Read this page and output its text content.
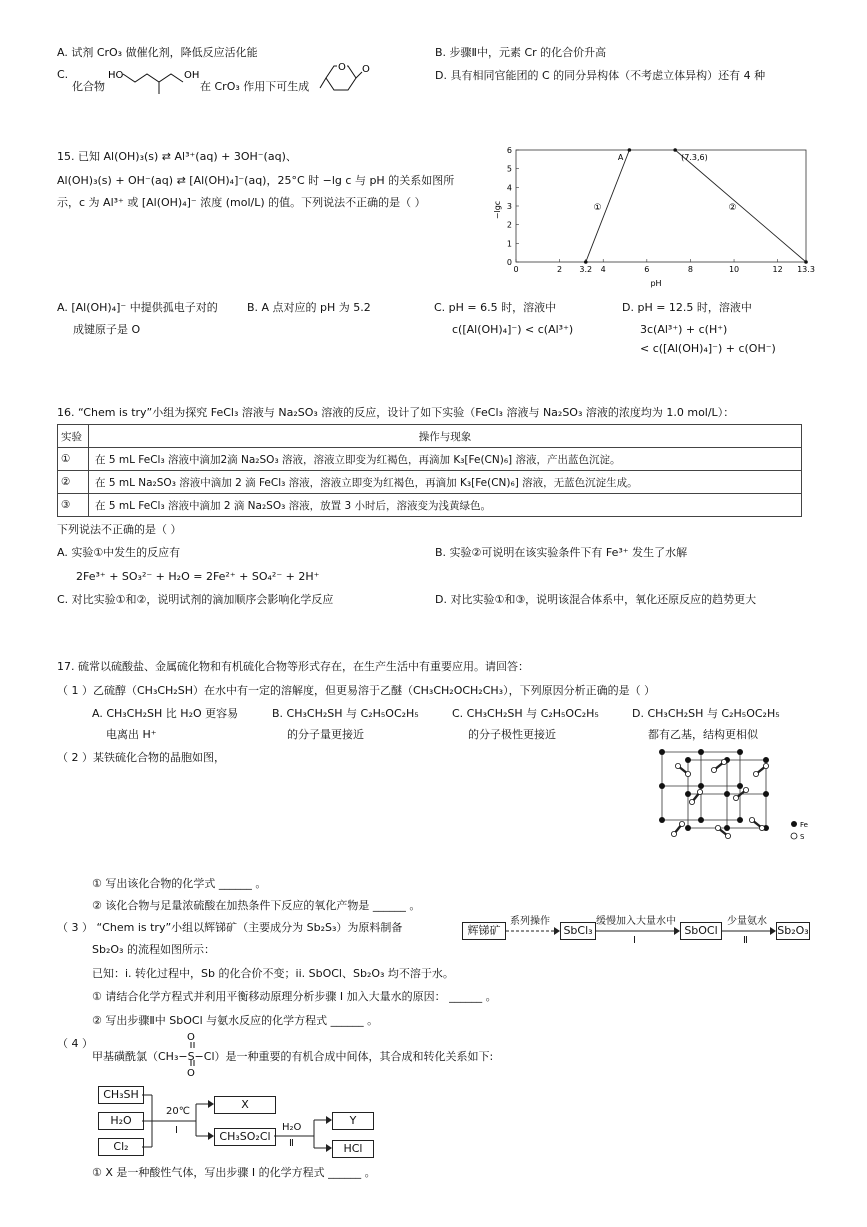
A. 试剂 CrO₃ 做催化剂，降低反应活化能	B. 步骤Ⅱ中，元素 Cr 的化合价升高
C.
化合物
HO	OH
在 CrO₃ 作用下可生成
O O	D. 具有相同官能团的 C 的同分异构体（不考虑立体异构）还有 4 种
15. 已知 Al(OH)₃(s) ⇄ Al³⁺(aq) + 3OH⁻(aq)、
Al(OH)₃(s) + OH⁻(aq) ⇄ [Al(OH)₄]⁻(aq)，25°C 时 −lg c 与 pH 的关系如图所
示，c 为 Al³⁺ 或 [Al(OH)₄]⁻ 浓度 (mol/L) 的值。下列说法不正确的是（ ）
0	2 3.2 4	6	8	10	12 13.3
0
1
2
3
4
5
6
①	②
A	(7.3,6)
−lgc
pH
A. [Al(OH)₄]⁻ 中提供孤电子对的
成键原子是 O
B. A 点对应的 pH 为 5.2	C. pH = 6.5 时，溶液中
c([Al(OH)₄]⁻) < c(Al³⁺)
D. pH = 12.5 时，溶液中
3c(Al³⁺) + c(H⁺)
< c([Al(OH)₄]⁻) + c(OH⁻)
16. “Chem is try”小组为探究 FeCl₃ 溶液与 Na₂SO₃ 溶液的反应，设计了如下实验（FeCl₃ 溶液与 Na₂SO₃ 溶液的浓度均为 1.0 mol/L）：
实验	操作与现象
①	在 5 mL FeCl₃ 溶液中滴加2滴 Na₂SO₃ 溶液，溶液立即变为红褐色，再滴加 K₃[Fe(CN)₆] 溶液，产出蓝色沉淀。
②	在 5 mL Na₂SO₃ 溶液中滴加 2 滴 FeCl₃ 溶液，溶液立即变为红褐色，再滴加 K₃[Fe(CN)₆] 溶液，无蓝色沉淀生成。
③	在 5 mL FeCl₃ 溶液中滴加 2 滴 Na₂SO₃ 溶液，放置 3 小时后，溶液变为浅黄绿色。
下列说法不正确的是（ ）
A. 实验①中发生的反应有
2Fe³⁺ + SO₃²⁻ + H₂O = 2Fe²⁺ + SO₄²⁻ + 2H⁺
B. 实验②可说明在该实验条件下有 Fe³⁺ 发生了水解
C. 对比实验①和②，说明试剂的滴加顺序会影响化学反应	D. 对比实验①和③，说明该混合体系中，氧化还原反应的趋势更大
17. 硫常以硫酸盐、金属硫化物和有机硫化合物等形式存在，在生产生活中有重要应用。请回答：
（ 1 ）乙硫醇（CH₃CH₂SH）在水中有一定的溶解度，但更易溶于乙醚（CH₃CH₂OCH₂CH₃），下列原因分析正确的是（ ）
A. CH₃CH₂SH 比 H₂O 更容易
电离出 H⁺
B. CH₃CH₂SH 与 C₂H₅OC₂H₅
的分子量更接近
C. CH₃CH₂SH 与 C₂H₅OC₂H₅
的分子极性更接近
D. CH₃CH₂SH 与 C₂H₅OC₂H₅
都有乙基，结构更相似
（ 2 ）某铁硫化合物的晶胞如图，
Fe
S
① 写出该化合物的化学式 ______ 。
② 该化合物与足量浓硫酸在加热条件下反应的氧化产物是 ______ 。
（ 3 ） “Chem is try”小组以辉锑矿（主要成分为 Sb₂S₃）为原料制备
Sb₂O₃ 的流程如图所示：
已知：i. 转化过程中，Sb 的化合价不变；ii. SbOCl、Sb₂O₃ 均不溶于水。
① 请结合化学方程式并利用平衡移动原理分析步骤 I 加入大量水的原因： ______ 。
② 写出步骤Ⅱ中 SbOCl 与氨水反应的化学方程式 ______ 。
辉锑矿
系列操作
SbCl₃
缓慢加入大量水中
I
SbOCl
少量氨水
Ⅱ
Sb₂O₃
（ 4 ）
甲基磺酰氯（CH₃−S−Cl）是一种重要的有机合成中间体，其合成和转化关系如下:
O
O
CH₃SH
H₂O
Cl₂
20℃
I
X
CH₃SO₂Cl
H₂O
Ⅱ
Y
HCl
① X 是一种酸性气体，写出步骤 I 的化学方程式 ______ 。
